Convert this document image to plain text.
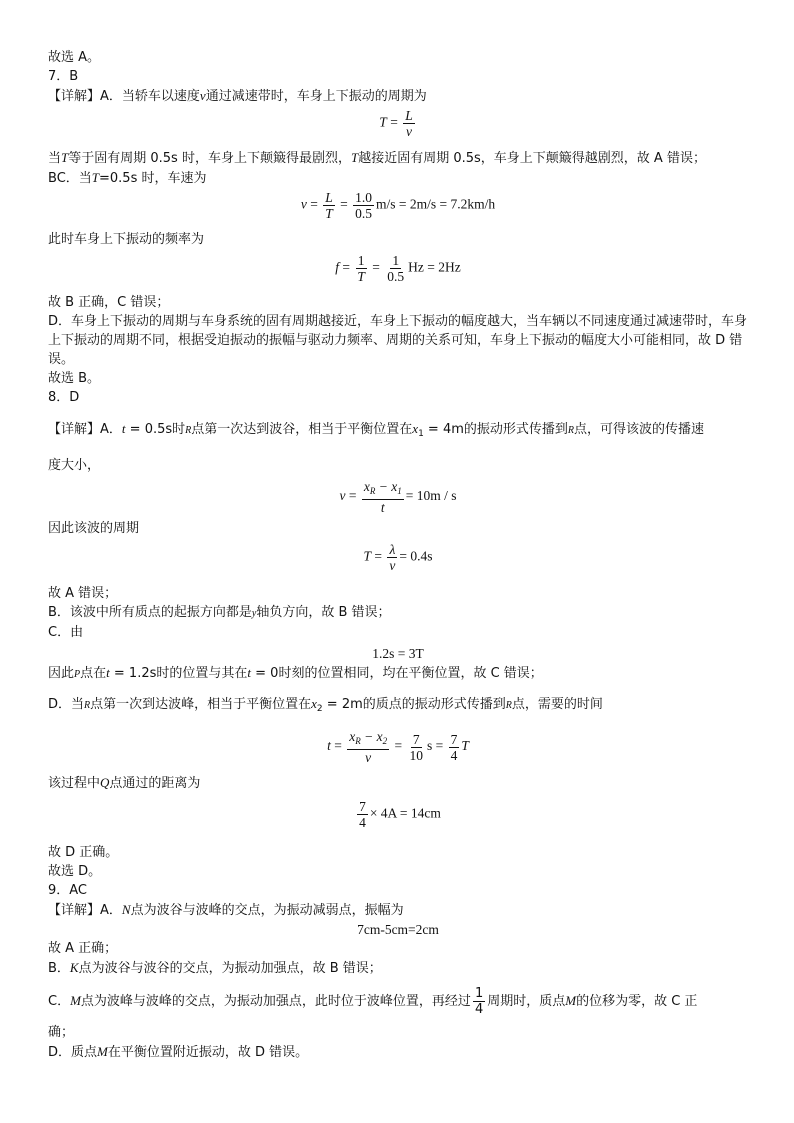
故选 A。
7．B
【详解】A．当轿车以速度v通过减速带时，车身上下振动的周期为
$T = \frac{L}{v}$
当T等于固有周期 0.5s 时，车身上下颠簸得最剧烈，T越接近固有周期 0.5s，车身上下颠簸得越剧烈，故 A 错误；
BC．当T=0.5s 时，车速为
$v = \frac{L}{T} = \frac{1.0}{0.5} m/s = 2m/s = 7.2km/h$
此时车身上下振动的频率为
$f = \frac{1}{T} = \frac{1}{0.5}$ Hz = 2Hz
故 B 正确，C 错误；
D．车身上下振动的周期与车身系统的固有周期越接近，车身上下振动的幅度越大，当车辆以不同速度通过减速带时，车身上下振动的周期不同，根据受迫振动的振幅与驱动力频率、周期的关系可知，车身上下振动的幅度大小可能相同，故 D 错误。
故选 B。
8．D
【详解】A．t = 0.5s时R点第一次达到波谷，相当于平衡位置在$x_1 = 4m$的振动形式传播到R点，可得该波的传播速
度大小，
$v = \frac{x_R - x_1}{t} = 10m / s$
因此该波的周期
$T = \frac{\lambda}{v} = 0.4s$
故 A 错误；
B．该波中所有质点的起振方向都是y轴负方向，故 B 错误；
C．由
1.2s = 3T
因此P点在t = 1.2s时的位置与其在t = 0时刻的位置相同，均在平衡位置，故 C 错误；
D．当R点第一次到达波峰，相当于平衡位置在$x_2 = 2m$的质点的振动形式传播到R点，需要的时间
$t = \frac{x_R - x_2}{v} = \frac{7}{10}$ $s = \frac{7}{4}$ T
该过程中Q点通过的距离为
$\frac{7}{4} \times 4A = 14cm$
故 D 正确。
故选 D。
9．AC
【详解】A．N点为波谷与波峰的交点，为振动减弱点，振幅为
7cm-5cm=2cm
故 A 正确；
B．K点为波谷与波谷的交点，为振动加强点，故 B 错误；
C．M点为波峰与波峰的交点，为振动加强点，此时位于波峰位置，再经过 $\frac{1}{4}$ 周期时，质点M的位移为零，故 C 正
确；
D．质点M在平衡位置附近振动，故 D 错误。
